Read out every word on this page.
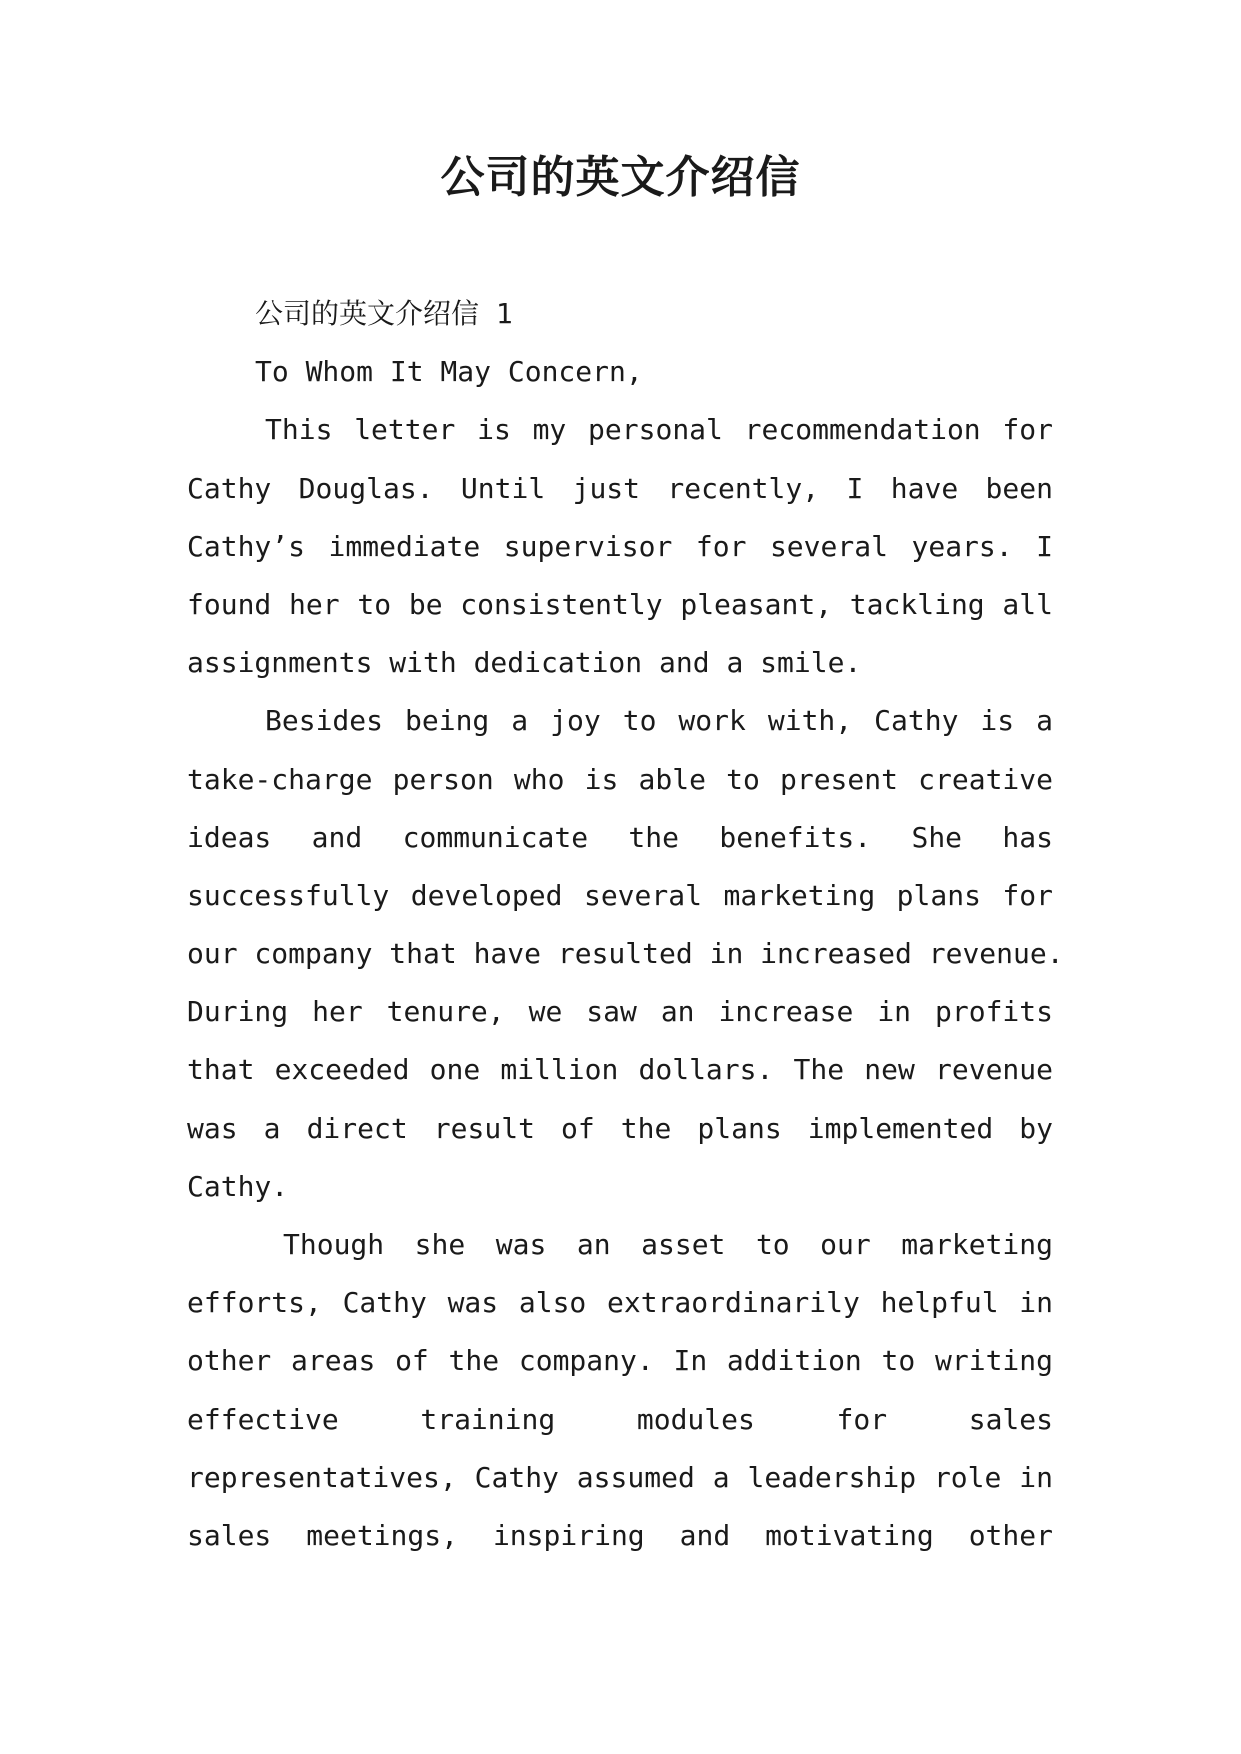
公司的英文介绍信

公司的英文介绍信 1

To Whom It May Concern,

This letter is my personal recommendation for

Cathy Douglas. Until just recently, I have been

Cathy’s immediate supervisor for several years. I

found her to be consistently pleasant, tackling all

assignments with dedication and a smile.

Besides being a joy to work with, Cathy is a

take-charge person who is able to present creative

ideas and communicate the benefits. She has

successfully developed several marketing plans for

our company that have resulted in increased revenue.

During her tenure, we saw an increase in profits

that exceeded one million dollars. The new revenue

was a direct result of the plans implemented by

Cathy.

Though she was an asset to our marketing

efforts, Cathy was also extraordinarily helpful in

other areas of the company. In addition to writing

effective training modules for sales

representatives, Cathy assumed a leadership role in

sales meetings, inspiring and motivating other
